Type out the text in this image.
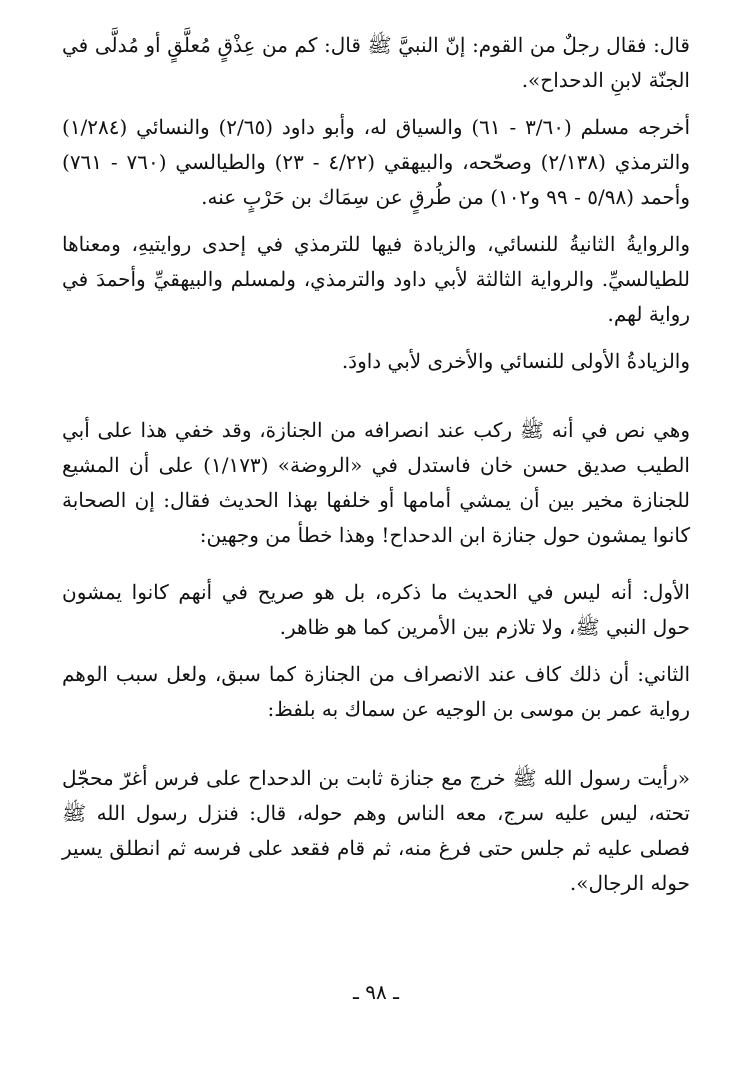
قال: فقال رجلٌ من القوم: إنّ النبيَّ ﷺ قال: كم من عِذْقٍ مُعلَّقٍ أو مُدلَّى في الجنّة لابنِ الدحداح».

أخرجه مسلم (٣/٦٠ - ٦١) والسياق له، وأبو داود (٢/٦٥) والنسائي (١/٢٨٤) والترمذي (٢/١٣٨) وصحّحه، والبيهقي (٤/٢٢ - ٢٣) والطيالسي (٧٦٠ - ٧٦١) وأحمد (٥/٩٨ - ٩٩ و١٠٢) من طُرقٍ عن سِمَاك بن حَرْبٍ عنه.

والروايةُ الثانيةُ للنسائي، والزيادة فيها للترمذي في إحدى روايتيهِ، ومعناها للطيالسيِّ. والرواية الثالثة لأبي داود والترمذي، ولمسلم والبيهقيِّ وأحمدَ في رواية لهم.

والزيادةُ الأولى للنسائي والأخرى لأبي داودَ.

وهي نص في أنه ﷺ ركب عند انصرافه من الجنازة، وقد خفي هذا على أبي الطيب صديق حسن خان فاستدل في «الروضة» (١/١٧٣) على أن المشيع للجنازة مخير بين أن يمشي أمامها أو خلفها بهذا الحديث فقال: إن الصحابة كانوا يمشون حول جنازة ابن الدحداح! وهذا خطأ من وجهين:

الأول: أنه ليس في الحديث ما ذكره، بل هو صريح في أنهم كانوا يمشون حول النبي ﷺ، ولا تلازم بين الأمرين كما هو ظاهر.

الثاني: أن ذلك كاف عند الانصراف من الجنازة كما سبق، ولعل سبب الوهم رواية عمر بن موسى بن الوجيه عن سماك به بلفظ:

«رأيت رسول الله ﷺ خرج مع جنازة ثابت بن الدحداح على فرس أغرّ محجّل تحته، ليس عليه سرج، معه الناس وهم حوله، قال: فنزل رسول الله ﷺ فصلى عليه ثم جلس حتى فرغ منه، ثم قام فقعد على فرسه ثم انطلق يسير حوله الرجال».

ـ ٩٨ ـ
